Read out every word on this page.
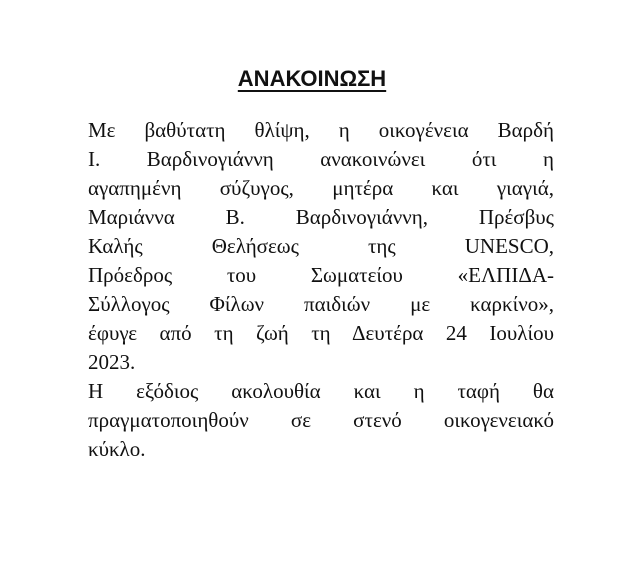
ΑΝΑΚΟΙΝΩΣΗ
Με βαθύτατη θλίψη, η οικογένεια Βαρδή
Ι. Βαρδινογιάννη ανακοινώνει ότι η
αγαπημένη σύζυγος, μητέρα και γιαγιά,
Μαριάννα Β. Βαρδινογιάννη, Πρέσβυς
Καλής Θελήσεως της UNESCO,
Πρόεδρος του Σωματείου «ΕΛΠΙΔΑ-
Σύλλογος Φίλων παιδιών με καρκίνο»,
έφυγε από τη ζωή τη Δευτέρα 24 Ιουλίου
2023.
Η εξόδιος ακολουθία και η ταφή θα
πραγματοποιηθούν σε στενό οικογενειακό
κύκλο.
